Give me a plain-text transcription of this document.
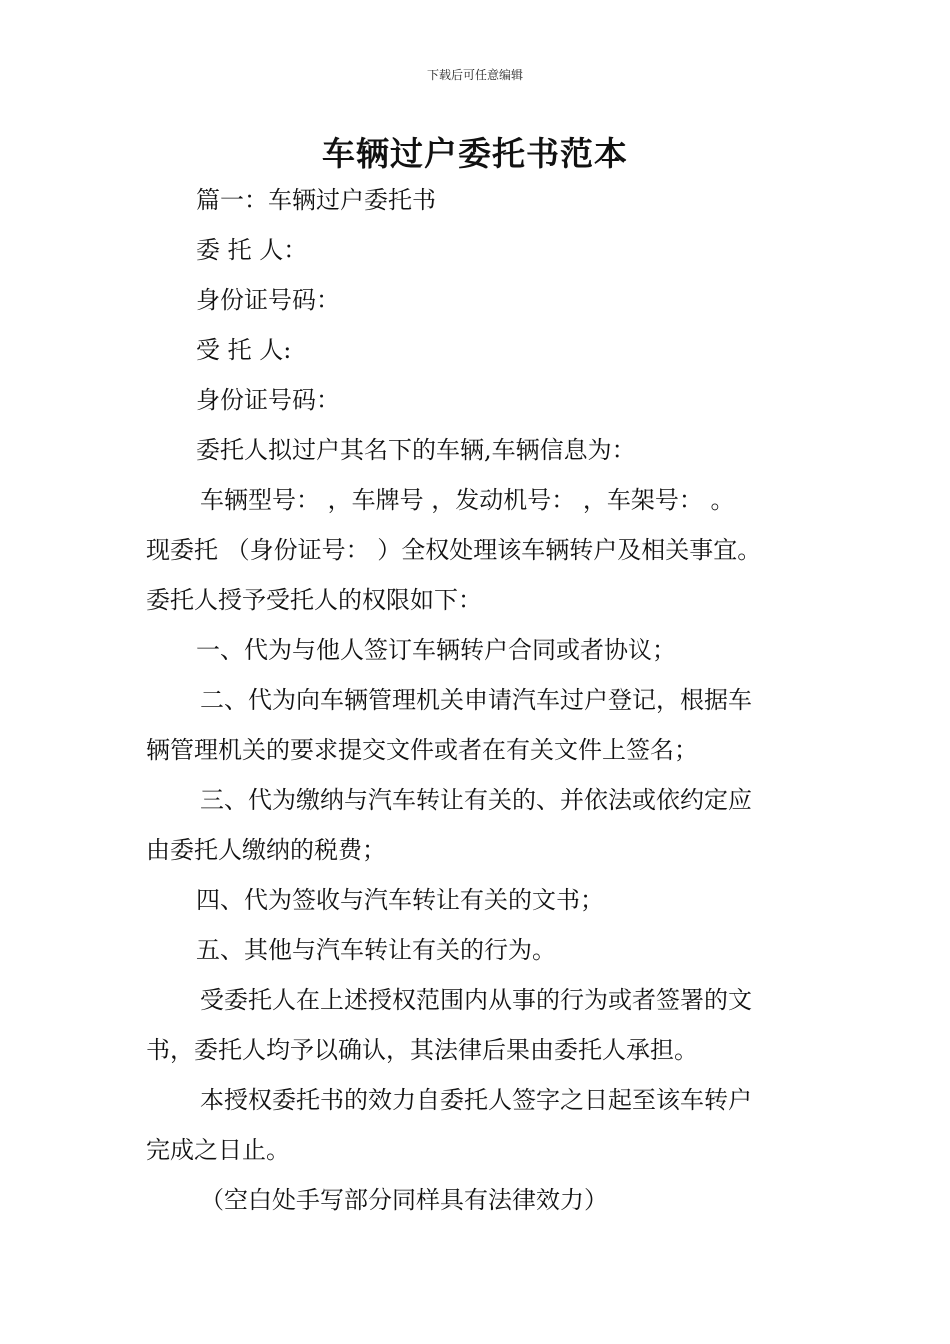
下载后可任意编辑
车辆过户委托书范本
篇一：车辆过户委托书
委 托 人：
身份证号码：
受 托 人:
身份证号码：
委托人拟过户其名下的车辆,车辆信息为：
车辆型号： ，车牌号 ，发动机号： ，车架号： 。
现委托 （身份证号： ）全权处理该车辆转户及相关事宜。
委托人授予受托人的权限如下：
一、代为与他人签订车辆转户合同或者协议；
二、代为向车辆管理机关申请汽车过户登记，根据车
辆管理机关的要求提交文件或者在有关文件上签名；
三、代为缴纳与汽车转让有关的、并依法或依约定应
由委托人缴纳的税费；
四、代为签收与汽车转让有关的文书；
五、其他与汽车转让有关的行为。
受委托人在上述授权范围内从事的行为或者签署的文
书，委托人均予以确认，其法律后果由委托人承担。
本授权委托书的效力自委托人签字之日起至该车转户
完成之日止。
（空白处手写部分同样具有法律效力）
